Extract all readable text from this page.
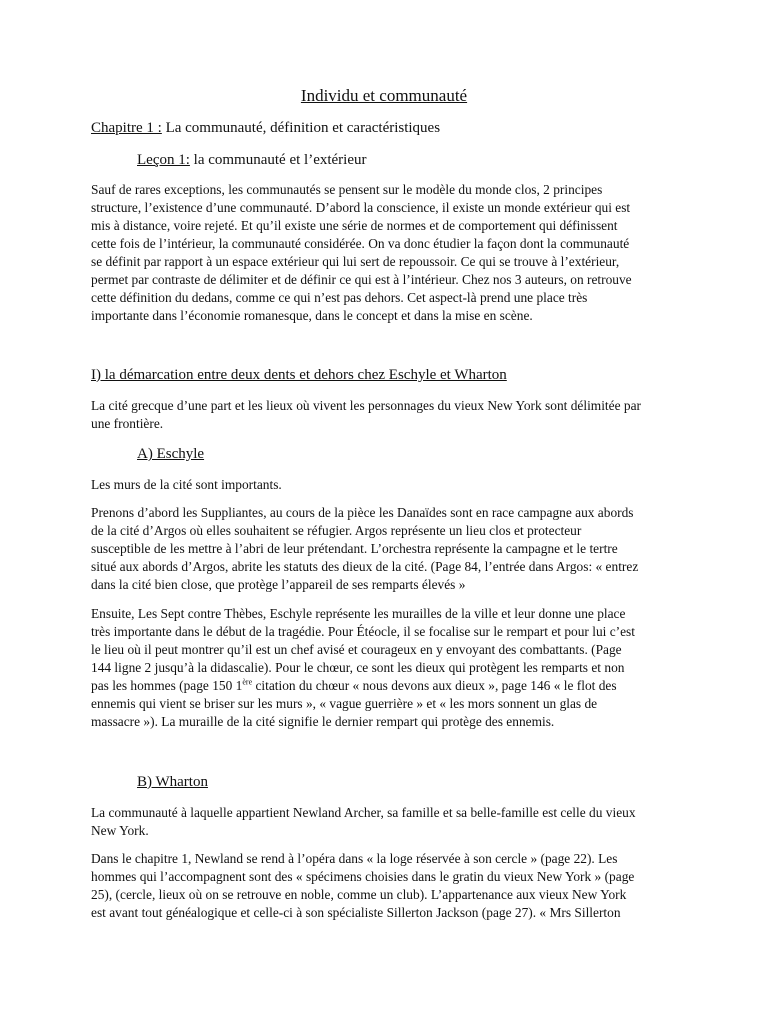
Individu et communauté
Chapitre 1 : La communauté, définition et caractéristiques
Leçon 1: la communauté et l’extérieur
Sauf de rares exceptions, les communautés se pensent sur le modèle du monde clos, 2 principes
structure, l’existence d’une communauté. D’abord la conscience, il existe un monde extérieur qui est
mis à distance, voire rejeté. Et qu’il existe une série de normes et de comportement qui définissent
cette fois de l’intérieur, la communauté considérée. On va donc étudier la façon dont la communauté
se définit par rapport à un espace extérieur qui lui sert de repoussoir. Ce qui se trouve à l’extérieur,
permet par contraste de délimiter et de définir ce qui est à l’intérieur. Chez nos 3 auteurs, on retrouve
cette définition du dedans, comme ce qui n’est pas dehors. Cet aspect-là prend une place très
importante dans l’économie romanesque, dans le concept et dans la mise en scène.
I) la démarcation entre deux dents et dehors chez Eschyle et Wharton
La cité grecque d’une part et les lieux où vivent les personnages du vieux New York sont délimitée par
une frontière.
A) Eschyle
Les murs de la cité sont importants.
Prenons d’abord les Suppliantes, au cours de la pièce les Danaïdes sont en race campagne aux abords
de la cité d’Argos où elles souhaitent se réfugier. Argos représente un lieu clos et protecteur
susceptible de les mettre à l’abri de leur prétendant. L’orchestra représente la campagne et le tertre
situé aux abords d’Argos, abrite les statuts des dieux de la cité. (Page 84, l’entrée dans Argos: « entrez
dans la cité bien close, que protège l’appareil de ses remparts élevés »
Ensuite, Les Sept contre Thèbes, Eschyle représente les murailles de la ville et leur donne une place
très importante dans le début de la tragédie. Pour Étéocle, il se focalise sur le rempart et pour lui c’est
le lieu où il peut montrer qu’il est un chef avisé et courageux en y envoyant des combattants. (Page
144 ligne 2 jusqu’à la didascalie). Pour le chœur, ce sont les dieux qui protègent les remparts et non
pas les hommes (page 150 1ère citation du chœur « nous devons aux dieux », page 146 « le flot des
ennemis qui vient se briser sur les murs », « vague guerrière » et « les mors sonnent un glas de
massacre »). La muraille de la cité signifie le dernier rempart qui protège des ennemis.
B) Wharton
La communauté à laquelle appartient Newland Archer, sa famille et sa belle-famille est celle du vieux
New York.
Dans le chapitre 1, Newland se rend à l’opéra dans « la loge réservée à son cercle » (page 22). Les
hommes qui l’accompagnent sont des « spécimens choisies dans le gratin du vieux New York » (page
25), (cercle, lieux où on se retrouve en noble, comme un club). L’appartenance aux vieux New York
est avant tout généalogique et celle-ci à son spécialiste Sillerton Jackson (page 27). « Mrs Sillerton
